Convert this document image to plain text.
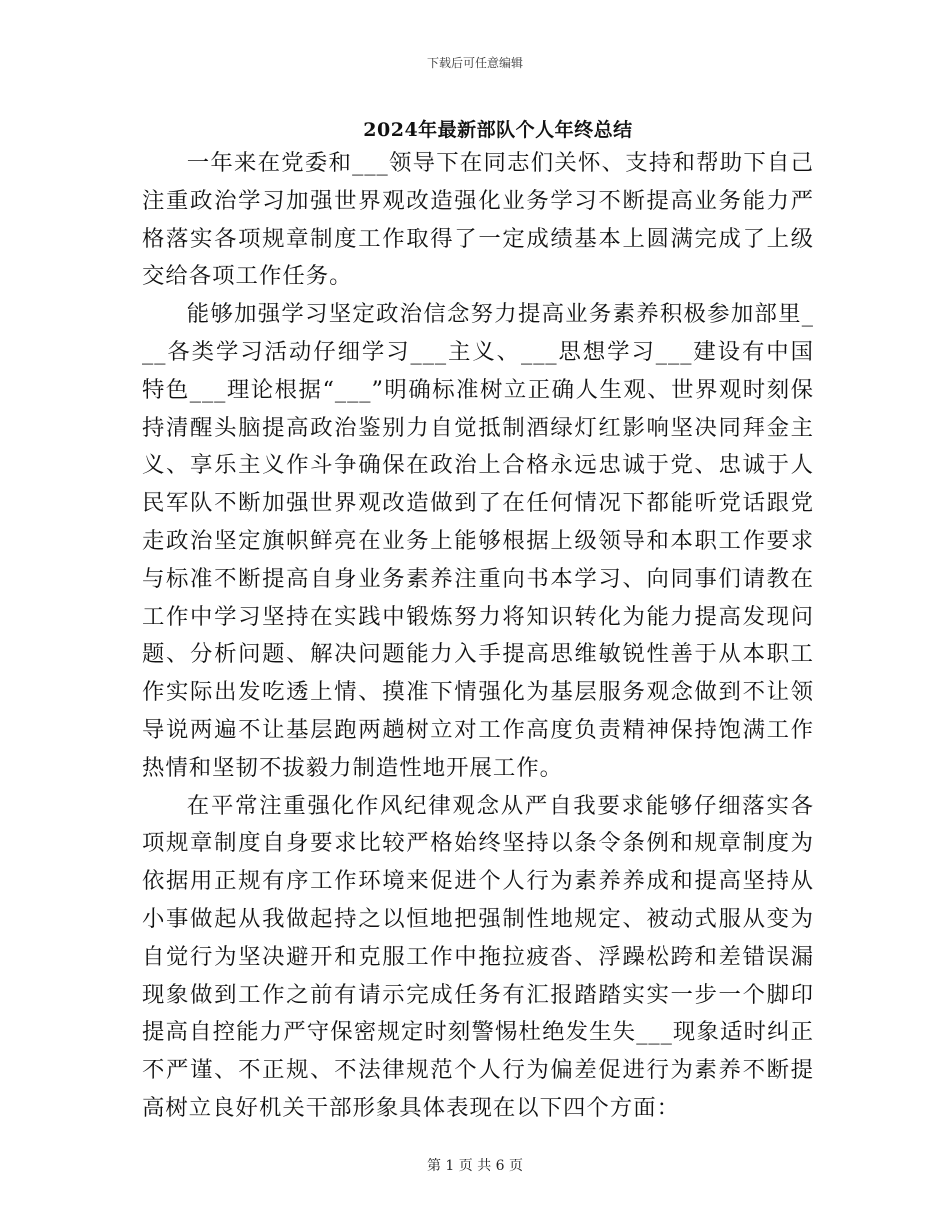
下载后可任意编辑
2024年最新部队个人年终总结

一年来在党委和___领导下在同志们关怀、支持和帮助下自己注重政治学习加强世界观改造强化业务学习不断提高业务能力严格落实各项规章制度工作取得了一定成绩基本上圆满完成了上级交给各项工作任务。

能够加强学习坚定政治信念努力提高业务素养积极参加部里___各类学习活动仔细学习___主义、___思想学习___建设有中国特色___理论根据“___”明确标准树立正确人生观、世界观时刻保持清醒头脑提高政治鉴别力自觉抵制酒绿灯红影响坚决同拜金主义、享乐主义作斗争确保在政治上合格永远忠诚于党、忠诚于人民军队不断加强世界观改造做到了在任何情况下都能听党话跟党走政治坚定旗帜鲜亮在业务上能够根据上级领导和本职工作要求与标准不断提高自身业务素养注重向书本学习、向同事们请教在工作中学习坚持在实践中锻炼努力将知识转化为能力提高发现问题、分析问题、解决问题能力入手提高思维敏锐性善于从本职工作实际出发吃透上情、摸准下情强化为基层服务观念做到不让领导说两遍不让基层跑两趟树立对工作高度负责精神保持饱满工作热情和坚韧不拔毅力制造性地开展工作。

在平常注重强化作风纪律观念从严自我要求能够仔细落实各项规章制度自身要求比较严格始终坚持以条令条例和规章制度为依据用正规有序工作环境来促进个人行为素养养成和提高坚持从小事做起从我做起持之以恒地把强制性地规定、被动式服从变为自觉行为坚决避开和克服工作中拖拉疲沓、浮躁松跨和差错误漏现象做到工作之前有请示完成任务有汇报踏踏实实一步一个脚印提高自控能力严守保密规定时刻警惕杜绝发生失___现象适时纠正不严谨、不正规、不法律规范个人行为偏差促进行为素养不断提高树立良好机关干部形象具体表现在以下四个方面：

第 1 页 共 6 页
